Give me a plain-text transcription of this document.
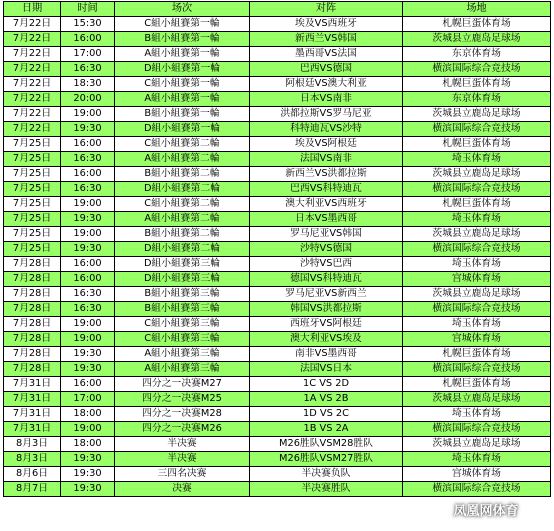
日期	时间	场次	对阵	场地
7月22日	15:30	C組小組賽第一輪	埃及VS西班牙	札幌巨蛋体育场
7月22日	16:00	B組小組賽第一輪	新西兰VS韩国	茨城县立鹿岛足球场
7月22日	17:00	A組小組賽第一輪	墨西哥VS法国	东京体育场
7月22日	16:30	D組小組賽第一輪	巴西VS德国	横滨国际综合竞技场
7月22日	18:30	C組小組賽第一輪	阿根廷VS澳大利亚	札幌巨蛋体育场
7月22日	20:00	A組小組賽第一輪	日本VS南非	东京体育场
7月22日	19:00	B組小組賽第一輪	洪都拉斯VS罗马尼亚	茨城县立鹿岛足球场
7月22日	19:30	D組小組賽第一輪	科特迪瓦VS沙特	横滨国际综合竞技场
7月25日	16:00	C組小組賽第二輪	埃及VS阿根廷	札幌巨蛋体育场
7月25日	16:30	A組小組賽第二輪	法国VS南非	埼玉体育场
7月25日	16:00	B組小組賽第二輪	新西兰VS洪都拉斯	茨城县立鹿岛足球场
7月25日	16:30	D組小組賽第二輪	巴西VS科特迪瓦	横滨国际综合竞技场
7月25日	19:00	C組小組賽第二輪	澳大利亚VS西班牙	札幌巨蛋体育场
7月25日	19:30	A組小組賽第二輪	日本VS墨西哥	埼玉体育场
7月25日	19:00	B組小組賽第二輪	罗马尼亚VS韩国	茨城县立鹿岛足球场
7月25日	19:30	D組小組賽第二輪	沙特VS德国	横滨国际综合竞技场
7月28日	16:00	D組小組賽第三輪	沙特VS巴西	埼玉体育场
7月28日	16:00	D組小組賽第三輪	德国VS科特迪瓦	宫城体育场
7月28日	16:30	B組小組賽第三輪	罗马尼亚VS新西兰	茨城县立鹿岛足球场
7月28日	16:30	B組小組賽第三輪	韩国VS洪都拉斯	横滨国际综合竞技场
7月28日	19:00	C組小組賽第三輪	西班牙VS阿根廷	埼玉体育场
7月28日	19:00	C組小組賽第三輪	澳大利亚VS埃及	宫城体育场
7月28日	19:30	A組小組賽第三輪	南非VS墨西哥	札幌巨蛋体育场
7月28日	19:30	A組小組賽第三輪	法国VS日本	横滨国际综合竞技场
7月31日	16:00	四分之一决赛M27	1C VS 2D	札幌巨蛋体育场
7月31日	17:00	四分之一决赛M25	1A VS 2B	茨城县立鹿岛足球场
7月31日	18:00	四分之一决赛M28	1D VS 2C	埼玉体育场
7月31日	19:00	四分之一决赛M26	1B VS 2A	横滨国际综合竞技场
8月3日	18:00	半决赛	M26胜队VSM28胜队	茨城县立鹿岛足球场
8月3日	19:30	半决赛	M26胜队VSM27胜队	埼玉体育场
8月6日	19:30	三四名决赛	半决赛负队	宫城体育场
8月7日	19:30	决赛	半决赛胜队	横滨国际综合竞技场
凤凰网体育
